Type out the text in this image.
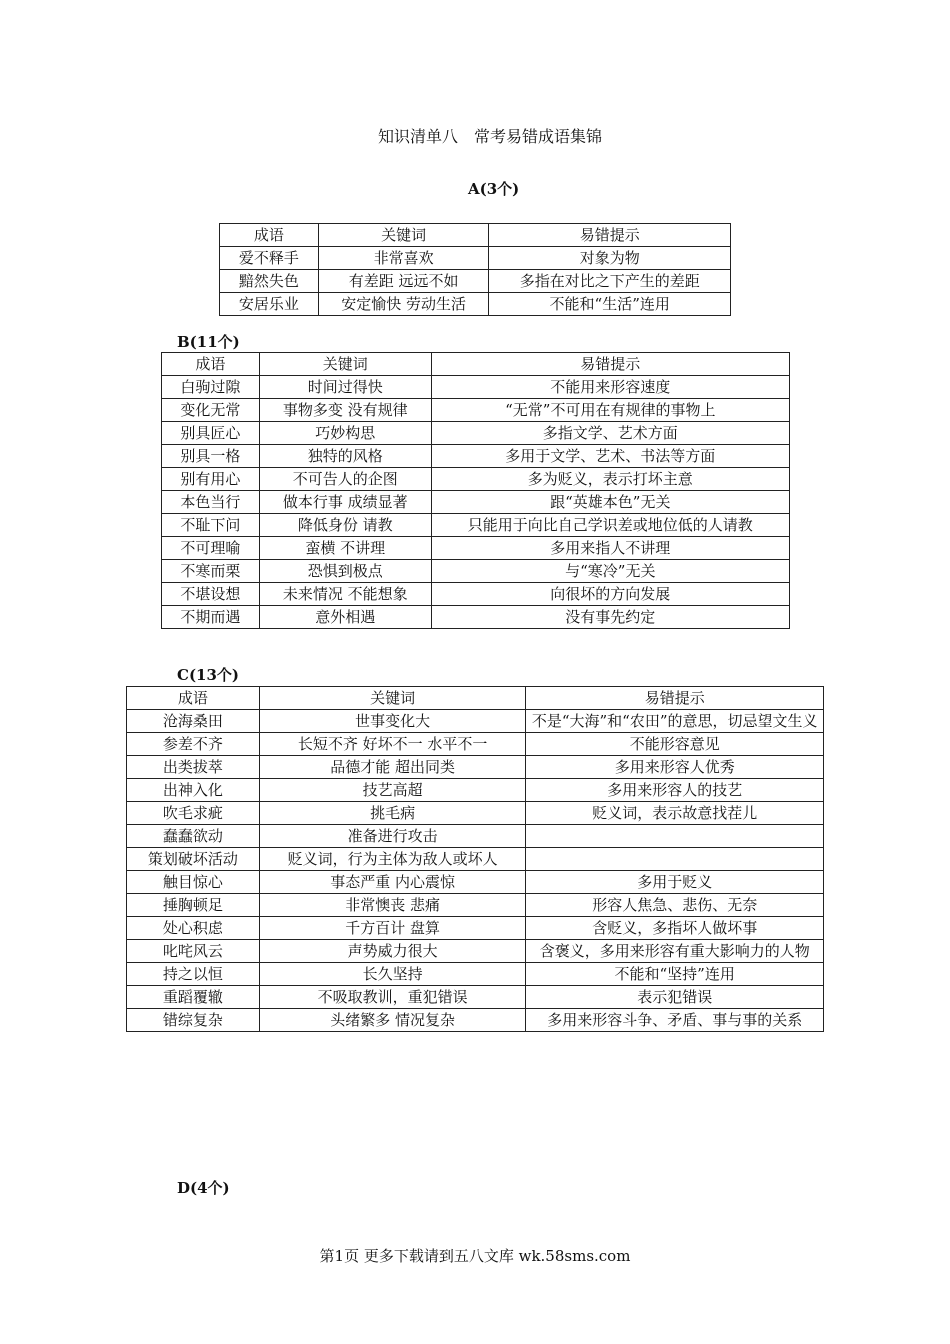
知识清单八　常考易错成语集锦
A(3个)
成语	关键词	易错提示
爱不释手	非常喜欢	对象为物
黯然失色	有差距 远远不如	多指在对比之下产生的差距
安居乐业	安定愉快 劳动生活	不能和“生活”连用
B(11个)
成语	关键词	易错提示
白驹过隙	时间过得快	不能用来形容速度
变化无常	事物多变 没有规律	“无常”不可用在有规律的事物上
别具匠心	巧妙构思	多指文学、艺术方面
别具一格	独特的风格	多用于文学、艺术、书法等方面
别有用心	不可告人的企图	多为贬义，表示打坏主意
本色当行	做本行事 成绩显著	跟“英雄本色”无关
不耻下问	降低身份 请教	只能用于向比自己学识差或地位低的人请教
不可理喻	蛮横 不讲理	多用来指人不讲理
不寒而栗	恐惧到极点	与“寒冷”无关
不堪设想	未来情况 不能想象	向很坏的方向发展
不期而遇	意外相遇	没有事先约定
C(13个)
成语	关键词	易错提示
沧海桑田	世事变化大	不是“大海”和“农田”的意思，切忌望文生义
参差不齐	长短不齐 好坏不一 水平不一	不能形容意见
出类拔萃	品德才能 超出同类	多用来形容人优秀
出神入化	技艺高超	多用来形容人的技艺
吹毛求疵	挑毛病	贬义词，表示故意找茬儿
蠢蠢欲动	准备进行攻击	
策划破坏活动	贬义词，行为主体为敌人或坏人	
触目惊心	事态严重 内心震惊	多用于贬义
捶胸顿足	非常懊丧 悲痛	形容人焦急、悲伤、无奈
处心积虑	千方百计 盘算	含贬义，多指坏人做坏事
叱咤风云	声势威力很大	含褒义，多用来形容有重大影响力的人物
持之以恒	长久坚持	不能和“坚持”连用
重蹈覆辙	不吸取教训，重犯错误	表示犯错误
错综复杂	头绪繁多 情况复杂	多用来形容斗争、矛盾、事与事的关系
D(4个)
第1页 更多下载请到五八文库 wk.58sms.com
